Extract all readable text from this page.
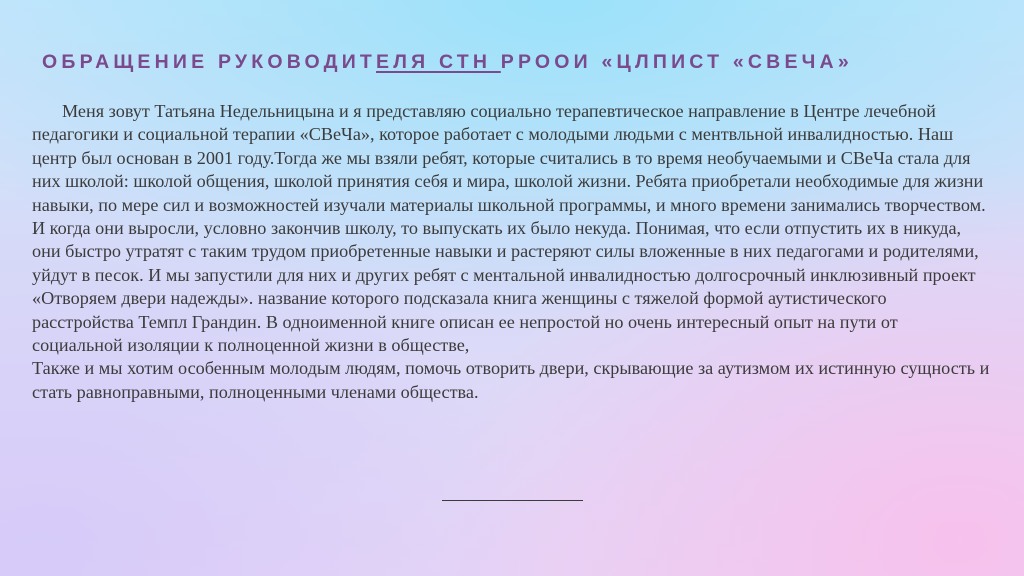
ОБРАЩЕНИЕ РУКОВОДИТЕЛЯ СТН РРООИ «ЦЛПИСТ «СВЕЧА»

Меня зовут Татьяна Недельницына и я представляю социально терапевтическое направление в Центре лечебной педагогики и социальной терапии «СВеЧа», которое работает с молодыми людьми с ментвльной инвалидностью. Наш центр был основан в 2001 году.Тогда же мы взяли ребят, которые считались в то время необучаемыми и СВеЧа стала для них школой: школой общения, школой принятия себя и мира, школой жизни. Ребята приобретали необходимые для жизни навыки, по мере сил и возможностей изучали материалы школьной программы, и много времени занимались творчеством. И когда они выросли, условно закончив школу, то выпускать их было некуда. Понимая, что если отпустить их в никуда, они быстро утратят с таким трудом приобретенные навыки и растеряют силы вложенные в них педагогами и родителями, уйдут в песок. И мы запустили для них и других ребят с ментальной инвалидностью долгосрочный инклюзивный проект «Отворяем двери надежды». название которого подсказала книга женщины с тяжелой формой аутистического расстройства Темпл Грандин. В одноименной книге описан ее непростой но очень интересный опыт на пути от социальной изоляции к полноценной жизни в обществе,

Также и мы хотим особенным молодым людям, помочь отворить двери, скрывающие за аутизмом их истинную сущность и стать равноправными, полноценными членами общества.
